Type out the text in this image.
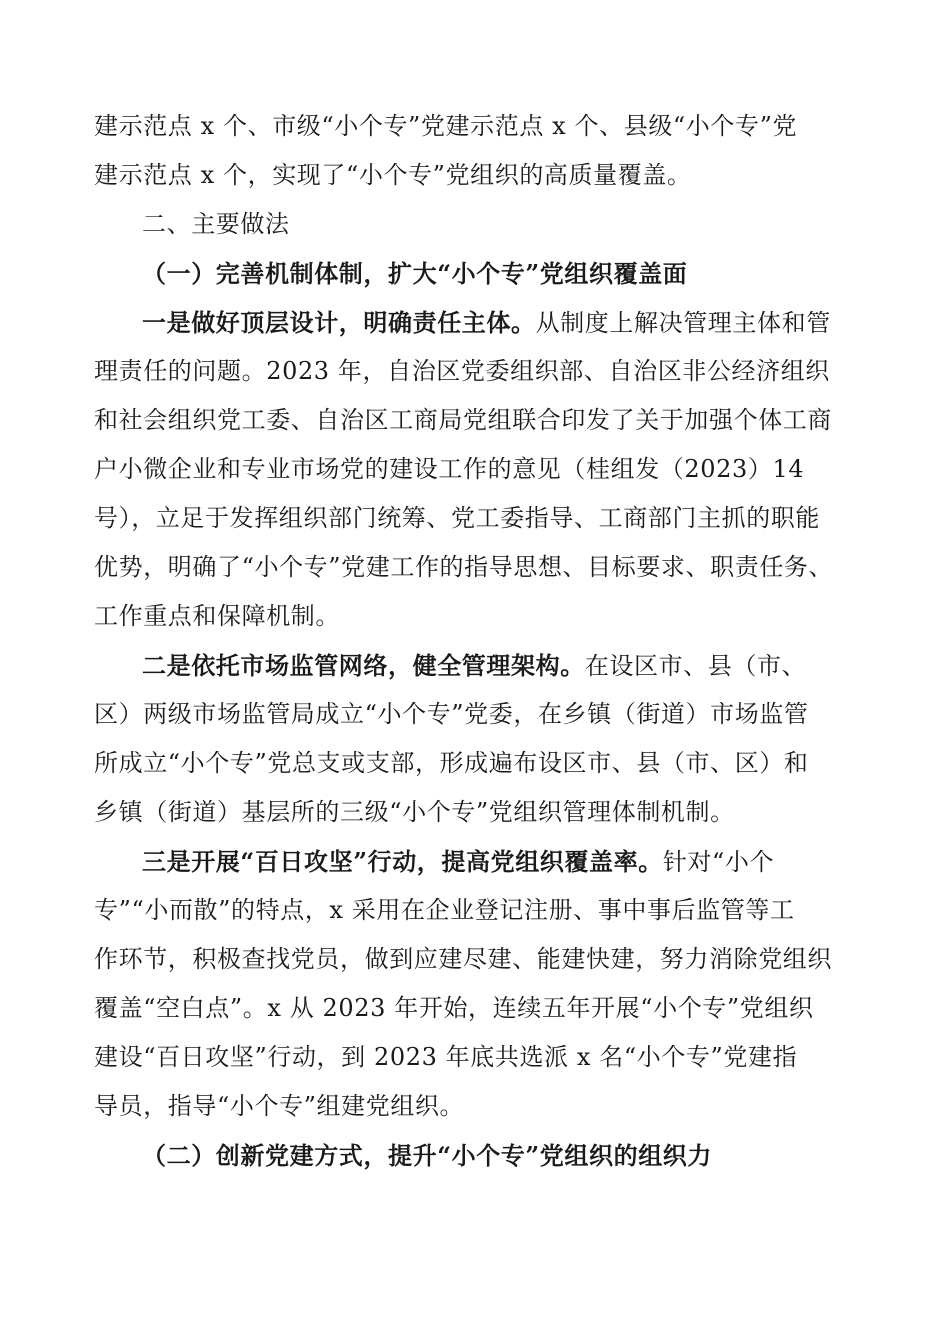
建示范点 x 个、市级“小个专”党建示范点 x 个、县级“小个专”党
建示范点 x 个，实现了“小个专”党组织的高质量覆盖。
二、主要做法
（一）完善机制体制，扩大“小个专”党组织覆盖面
一是做好顶层设计，明确责任主体。从制度上解决管理主体和管
理责任的问题。2023 年，自治区党委组织部、自治区非公经济组织
和社会组织党工委、自治区工商局党组联合印发了关于加强个体工商
户小微企业和专业市场党的建设工作的意见（桂组发（2023）14
号），立足于发挥组织部门统筹、党工委指导、工商部门主抓的职能
优势，明确了“小个专”党建工作的指导思想、目标要求、职责任务、
工作重点和保障机制。
二是依托市场监管网络，健全管理架构。在设区市、县（市、
区）两级市场监管局成立“小个专”党委，在乡镇（街道）市场监管
所成立“小个专”党总支或支部，形成遍布设区市、县（市、区）和
乡镇（街道）基层所的三级“小个专”党组织管理体制机制。
三是开展“百日攻坚”行动，提高党组织覆盖率。针对“小个
专”“小而散”的特点，x 采用在企业登记注册、事中事后监管等工
作环节，积极查找党员，做到应建尽建、能建快建，努力消除党组织
覆盖“空白点”。x 从 2023 年开始，连续五年开展“小个专”党组织
建设“百日攻坚”行动，到 2023 年底共选派 x 名“小个专”党建指
导员，指导“小个专”组建党组织。
（二）创新党建方式，提升“小个专”党组织的组织力
